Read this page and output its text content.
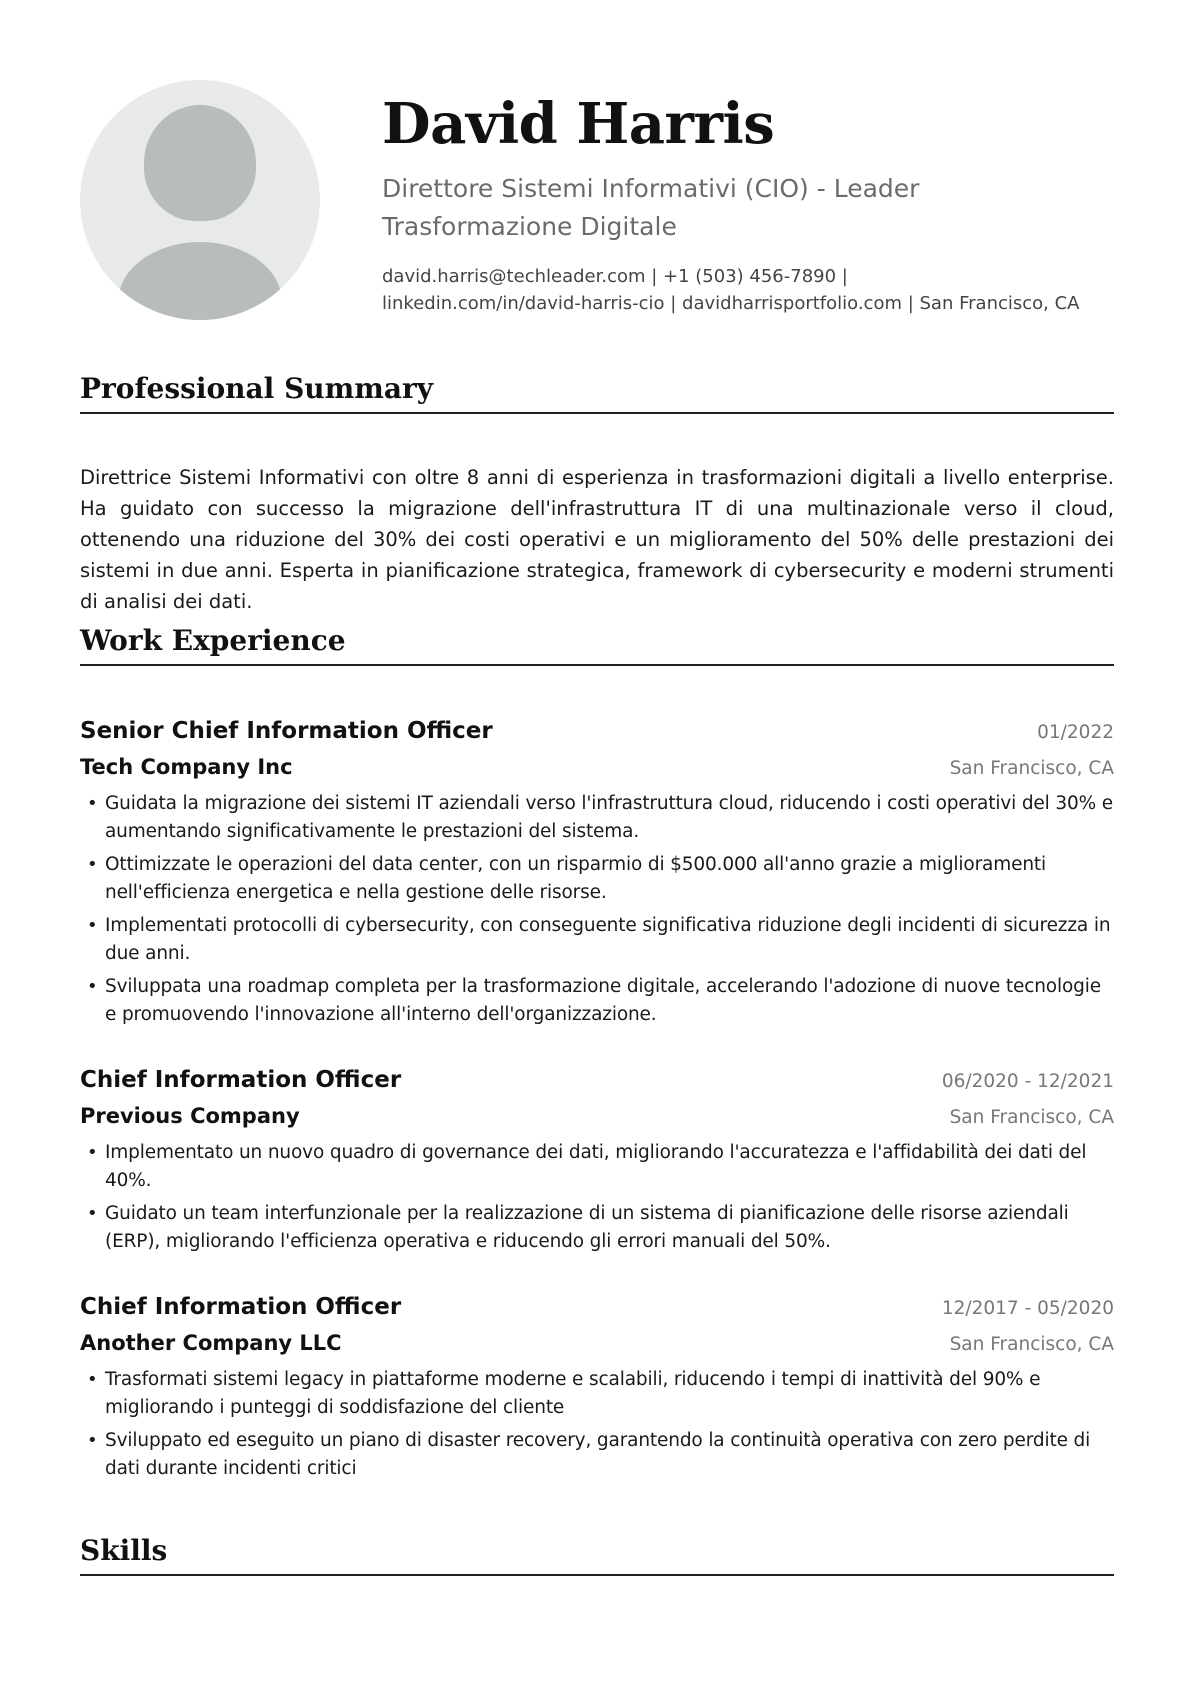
David Harris

Direttore Sistemi Informativi (CIO) - Leader
Trasformazione Digitale

david.harris@techleader.com | +1 (503) 456-7890 |
linkedin.com/in/david-harris-cio | davidharrisportfolio.com | San Francisco, CA

Professional Summary

Direttrice Sistemi Informativi con oltre 8 anni di esperienza in trasformazioni digitali a livello enterprise. Ha guidato con successo la migrazione dell'infrastruttura IT di una multinazionale verso il cloud, ottenendo una riduzione del 30% dei costi operativi e un miglioramento del 50% delle prestazioni dei sistemi in due anni. Esperta in pianificazione strategica, framework di cybersecurity e moderni strumenti di analisi dei dati.

Work Experience
Senior Chief Information Officer	01/2022
Tech Company Inc	San Francisco, CA
• Guidata la migrazione dei sistemi IT aziendali verso l'infrastruttura cloud, riducendo i costi operativi del 30% e aumentando significativamente le prestazioni del sistema.
• Ottimizzate le operazioni del data center, con un risparmio di $500.000 all'anno grazie a miglioramenti nell'efficienza energetica e nella gestione delle risorse.
• Implementati protocolli di cybersecurity, con conseguente significativa riduzione degli incidenti di sicurezza in due anni.
• Sviluppata una roadmap completa per la trasformazione digitale, accelerando l'adozione di nuove tecnologie e promuovendo l'innovazione all'interno dell'organizzazione.
Chief Information Officer	06/2020 - 12/2021
Previous Company	San Francisco, CA
• Implementato un nuovo quadro di governance dei dati, migliorando l'accuratezza e l'affidabilità dei dati del 40%.
• Guidato un team interfunzionale per la realizzazione di un sistema di pianificazione delle risorse aziendali (ERP), migliorando l'efficienza operativa e riducendo gli errori manuali del 50%.
Chief Information Officer	12/2017 - 05/2020
Another Company LLC	San Francisco, CA
• Trasformati sistemi legacy in piattaforme moderne e scalabili, riducendo i tempi di inattività del 90% e migliorando i punteggi di soddisfazione del cliente
• Sviluppato ed eseguito un piano di disaster recovery, garantendo la continuità operativa con zero perdite di dati durante incidenti critici
Skills
